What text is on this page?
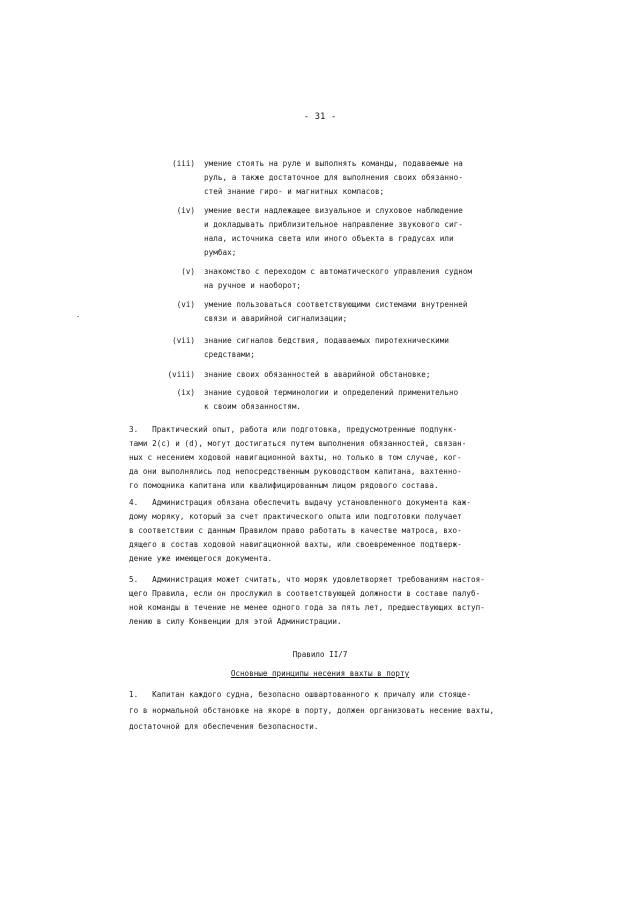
- 31 -
(iii) умение стоять на руле и выполнять команды, подаваемые на
руль, а также достаточное для выполнения своих обязанно-
стей знание гиро- и магнитных компасов;
(iv) умение вести надлежащее визуальное и слуховое наблюдение
и докладывать приблизительное направление звукового сиг-
нала, источника света или иного объекта в градусах или
румбах;
(v) знакомство с переходом с автоматического управления судном
на ручное и наоборот;
(vi) умение пользоваться соответствующими системами внутренней
связи и аварийной сигнализации;
(vii) знание сигналов бедствия, подаваемых пиротехническими
средствами;
(viii) знание своих обязанностей в аварийной обстановке;
(ix) знание судовой терминологии и определений применительно
к своим обязанностям.
3.   Практический опыт, работа или подготовка, предусмотренные подпунк-
тами 2(с) и (d), могут достигаться путем выполнения обязанностей, связан-
ных с несением ходовой навигационной вахты, но только в том случае, ког-
да они выполнялись под непосредственным руководством капитана, вахтенно-
го помощника капитана или квалифицированным лицом рядового состава.
4.   Администрация обязана обеспечить выдачу установленного документа каж-
дому моряку, который за счет практического опыта или подготовки получает
в соответствии с данным Правилом право работать в качестве матроса, вхо-
дящего в состав ходовой навигационной вахты, или своевременное подтверж-
дение уже имеющегося документа.
5.   Администрация может считать, что моряк удовлетворяет требованиям настоя-
щего Правила, если он прослужил в соответствующей должности в составе палуб-
ной команды в течение не менее одного года за пять лет, предшествующих вступ-
лению в силу Конвенции для этой Администрации.
Правило II/7
Основные принципы несения вахты в порту
1.   Капитан каждого судна, безопасно ошвартованного к причалу или стояще-
го в нормальной обстановке на якоре в порту, должен организовать несение вахты,
достаточной для обеспечения безопасности.
